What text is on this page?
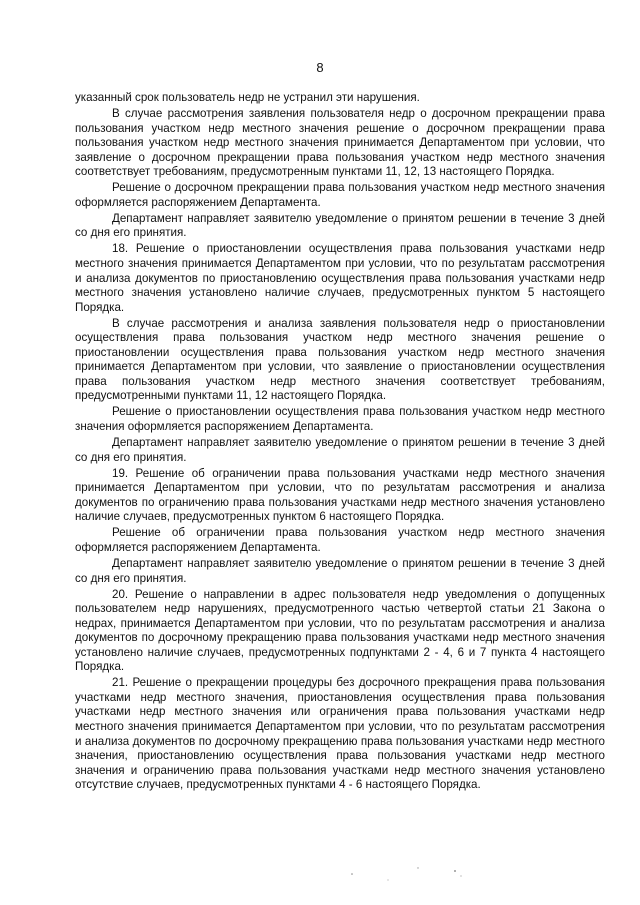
8

указанный срок пользователь недр не устранил эти нарушения.

В случае рассмотрения заявления пользователя недр о досрочном прекращении права пользования участком недр местного значения решение о досрочном прекращении права пользования участком недр местного значения принимается Департаментом при условии, что заявление о досрочном прекращении права пользования участком недр местного значения соответствует требованиям, предусмотренным пунктами 11, 12, 13 настоящего Порядка.

Решение о досрочном прекращении права пользования участком недр местного значения оформляется распоряжением Департамента.

Департамент направляет заявителю уведомление о принятом решении в течение 3 дней со дня его принятия.

18. Решение о приостановлении осуществления права пользования участками недр местного значения принимается Департаментом при условии, что по результатам рассмотрения и анализа документов по приостановлению осуществления права пользования участками недр местного значения установлено наличие случаев, предусмотренных пунктом 5 настоящего Порядка.

В случае рассмотрения и анализа заявления пользователя недр о приостановлении осуществления права пользования участком недр местного значения решение о приостановлении осуществления права пользования участком недр местного значения принимается Департаментом при условии, что заявление о приостановлении осуществления права пользования участком недр местного значения соответствует требованиям, предусмотренными пунктами 11, 12 настоящего Порядка.

Решение о приостановлении осуществления права пользования участком недр местного значения оформляется распоряжением Департамента.

Департамент направляет заявителю уведомление о принятом решении в течение 3 дней со дня его принятия.

19. Решение об ограничении права пользования участками недр местного значения принимается Департаментом при условии, что по результатам рассмотрения и анализа документов по ограничению права пользования участками недр местного значения установлено наличие случаев, предусмотренных пунктом 6 настоящего Порядка.

Решение об ограничении права пользования участком недр местного значения оформляется распоряжением Департамента.

Департамент направляет заявителю уведомление о принятом решении в течение 3 дней со дня его принятия.

20. Решение о направлении в адрес пользователя недр уведомления о допущенных пользователем недр нарушениях, предусмотренного частью четвертой статьи 21 Закона о недрах, принимается Департаментом при условии, что по результатам рассмотрения и анализа документов по досрочному прекращению права пользования участками недр местного значения установлено наличие случаев, предусмотренных подпунктами 2 - 4, 6 и 7 пункта 4 настоящего Порядка.

21. Решение о прекращении процедуры без досрочного прекращения права пользования участками недр местного значения, приостановления осуществления права пользования участками недр местного значения или ограничения права пользования участками недр местного значения принимается Департаментом при условии, что по результатам рассмотрения и анализа документов по досрочному прекращению права пользования участками недр местного значения, приостановлению осуществления права пользования участками недр местного значения и ограничению права пользования участками недр местного значения установлено отсутствие случаев, предусмотренных пунктами 4 - 6 настоящего Порядка.
